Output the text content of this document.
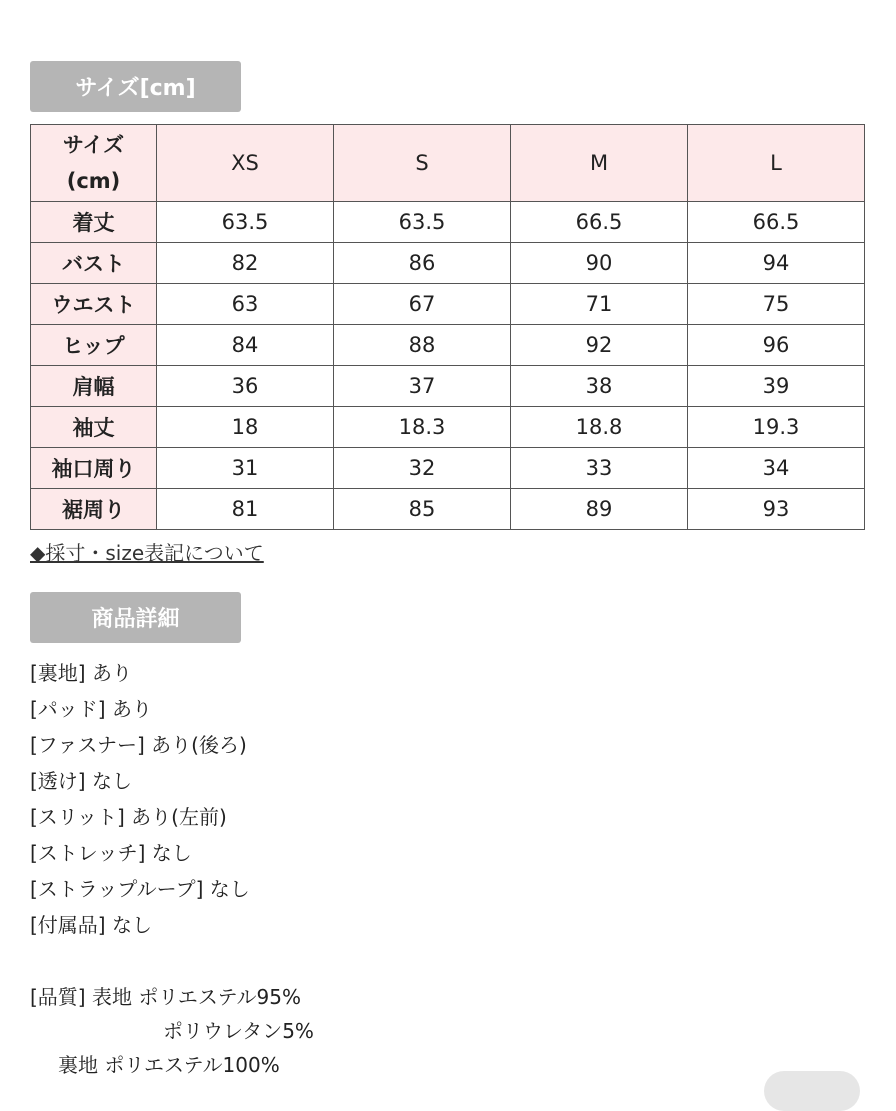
サイズ[cm]
サイズ
(cm)	XS	S	M	L
着丈	63.5	63.5	66.5	66.5
バスト	82	86	90	94
ウエスト	63	67	71	75
ヒップ	84	88	92	96
肩幅	36	37	38	39
袖丈	18	18.3	18.8	19.3
袖口周り	31	32	33	34
裾周り	81	85	89	93
◆採寸・size表記について
商品詳細
[裏地] あり
[パッド] あり
[ファスナー] あり(後ろ)
[透け] なし
[スリット] あり(左前)
[ストレッチ] なし
[ストラップループ] なし
[付属品] なし
[品質] 表地 ポリエステル95%
ポリウレタン5%
裏地 ポリエステル100%
